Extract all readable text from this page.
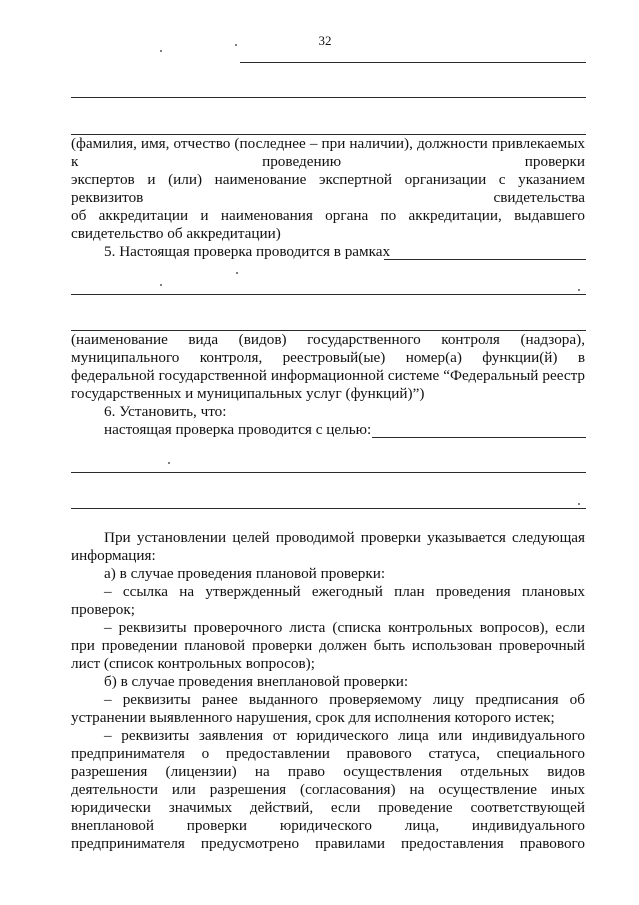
32
(фамилия, имя, отчество (последнее – при наличии), должности привлекаемых
к	проведению	проверки
экспертов и (или) наименование экспертной организации с указанием
реквизитов	свидетельства
об аккредитации и наименования органа по аккредитации, выдавшего
свидетельство об аккредитации)
5. Настоящая проверка проводится в рамках
(наименование вида (видов) государственного контроля (надзора),
муниципального контроля, реестровый(ые) номер(а) функции(й) в
федеральной государственной информационной системе “Федеральный реестр
государственных и муниципальных услуг (функций)”)
6. Установить, что:
настоящая проверка проводится с целью:
При установлении целей проводимой проверки указывается следующая
информация:
а) в случае проведения плановой проверки:
– ссылка на утвержденный ежегодный план проведения плановых
проверок;
– реквизиты проверочного листа (списка контрольных вопросов), если
при проведении плановой проверки должен быть использован проверочный
лист (список контрольных вопросов);
б) в случае проведения внеплановой проверки:
– реквизиты ранее выданного проверяемому лицу предписания об
устранении выявленного нарушения, срок для исполнения которого истек;
– реквизиты заявления от юридического лица или индивидуального
предпринимателя о предоставлении правового статуса, специального
разрешения (лицензии) на право осуществления отдельных видов
деятельности или разрешения (согласования) на осуществление иных
юридически значимых действий, если проведение соответствующей
внеплановой проверки юридического лица, индивидуального
предпринимателя предусмотрено правилами предоставления правового
